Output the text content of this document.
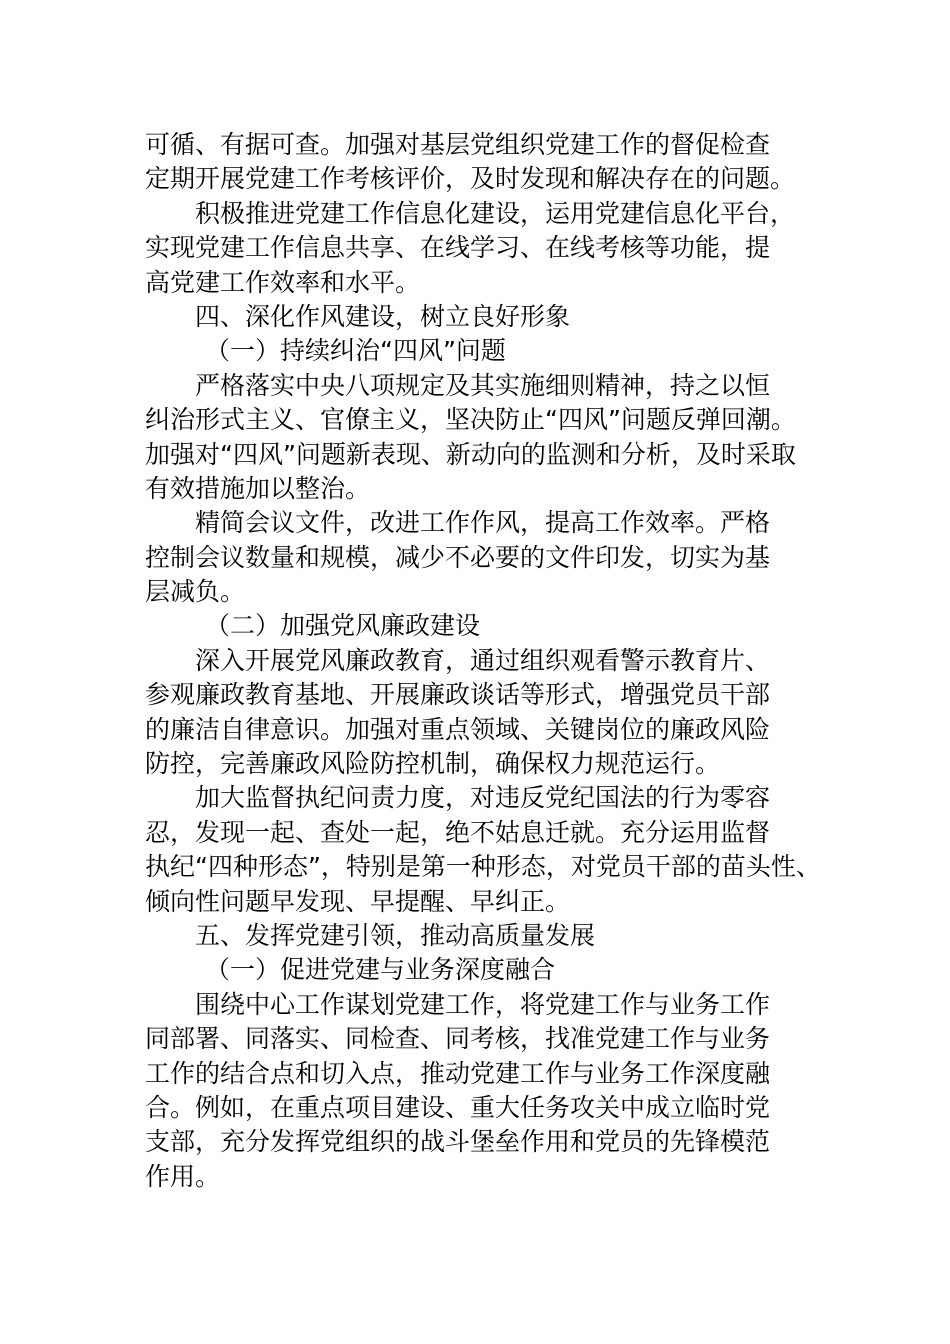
可循、有据可查。加强对基层党组织党建工作的督促检查

定期开展党建工作考核评价，及时发现和解决存在的问题。

积极推进党建工作信息化建设，运用党建信息化平台，

实现党建工作信息共享、在线学习、在线考核等功能，提

高党建工作效率和水平。

四、深化作风建设，树立良好形象

（一）持续纠治“四风”问题

严格落实中央八项规定及其实施细则精神，持之以恒

纠治形式主义、官僚主义，坚决防止“四风”问题反弹回潮。

加强对“四风”问题新表现、新动向的监测和分析，及时采取

有效措施加以整治。

精简会议文件，改进工作作风，提高工作效率。严格

控制会议数量和规模，减少不必要的文件印发，切实为基

层减负。

（二）加强党风廉政建设

深入开展党风廉政教育，通过组织观看警示教育片、

参观廉政教育基地、开展廉政谈话等形式，增强党员干部

的廉洁自律意识。加强对重点领域、关键岗位的廉政风险

防控，完善廉政风险防控机制，确保权力规范运行。

加大监督执纪问责力度，对违反党纪国法的行为零容

忍，发现一起、查处一起，绝不姑息迁就。充分运用监督

执纪“四种形态”，特别是第一种形态，对党员干部的苗头性、

倾向性问题早发现、早提醒、早纠正。

五、发挥党建引领，推动高质量发展

（一）促进党建与业务深度融合

围绕中心工作谋划党建工作，将党建工作与业务工作

同部署、同落实、同检查、同考核，找准党建工作与业务

工作的结合点和切入点，推动党建工作与业务工作深度融

合。例如，在重点项目建设、重大任务攻关中成立临时党

支部，充分发挥党组织的战斗堡垒作用和党员的先锋模范

作用。
